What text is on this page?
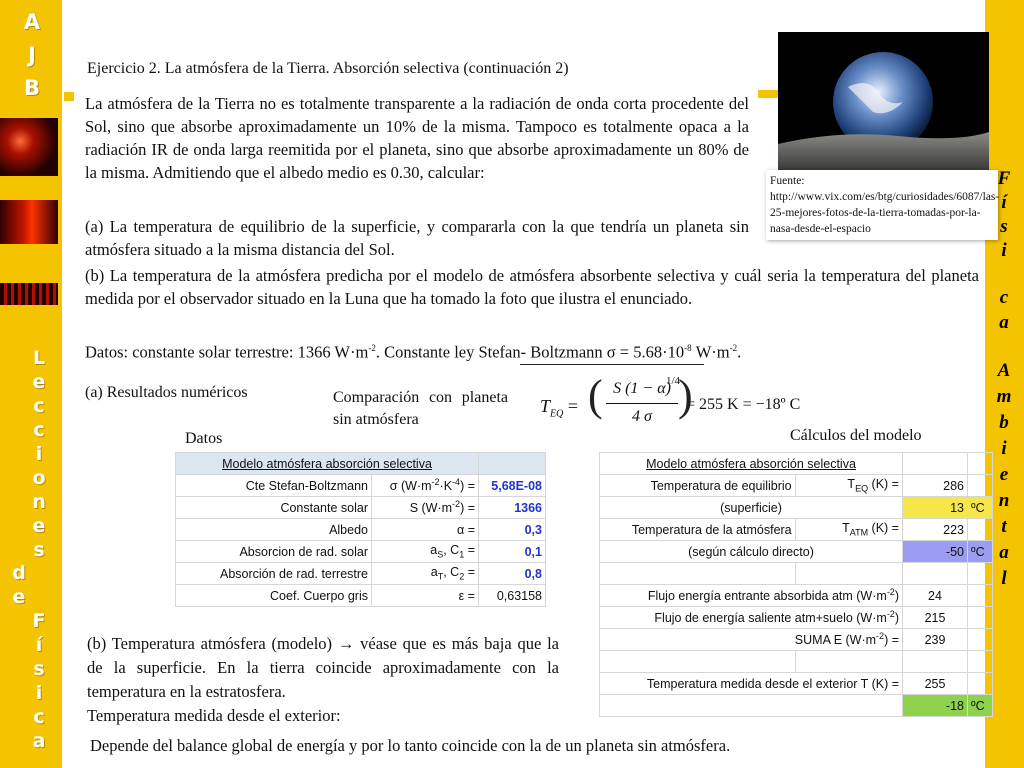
A
J
B
L
e
c
c
i
o
n
e
s
d
e
F
í
s
i
c
a
F
í
s
i
c
a
A
m
b
i
e
n
t
a
l
Ejercicio 2. La atmósfera de la Tierra. Absorción selectiva (continuación 2)
La atmósfera de la Tierra no es totalmente transparente a la radiación de onda corta procedente del Sol, sino que absorbe aproximadamente un 10% de la misma. Tampoco es totalmente opaca a la radiación IR de onda larga reemitida por el planeta, sino que absorbe aproximadamente un 80% de la misma. Admitiendo que el albedo medio es 0.30, calcular:	Fuente: http://www.vix.com/es/btg/curiosidades/6087/las-25-mejores-fotos-de-la-tierra-tomadas-por-la-nasa-desde-el-espacio
(a) La temperatura de equilibrio de la superficie, y compararla con la que tendría un planeta sin atmósfera situado a la misma distancia del Sol.
(b) La temperatura de la atmósfera predicha por el modelo de atmósfera absorbente selectiva y cuál seria la temperatura del planeta medida por el observador situado en la Luna que ha tomado la foto que ilustra el enunciado.
Datos: constante solar terrestre: 1366 $W\cdot m^{-2}$. Constante ley Stefan- Boltzmann $\sigma = 5.68\cdot 10^{-8}$ $W\cdot m^{-2}$.
(a) Resultados numéricos	Comparación con planeta sin atmósfera
$T_{EQ}$ = ( S (1 − α)
4 σ )
1/4
= 255 K = −18º C
Datos	Cálculos del modelo
Modelo atmósfera absorción selectiva		
Cte Stefan-Boltzmann	σ $(W\cdot m^{-2}\cdot K^{-4})$ =	5,68E-08
Constante solar	S $(W\cdot m^{-2})$ =	1366
Albedo	α =	0,3
Absorcion de rad. solar	$a_S$, $C_1$ =	0,1
Absorción de rad. terrestre	$a_T$, $C_2$ =	0,8
Coef. Cuerpo gris	ε =	0,63158
Modelo atmósfera absorción selectiva			
Temperatura de equilibrio	$T_{EQ}$ (K) =	286	
(superficie)		13	ºC
Temperatura de la atmósfera	$T_{ATM}$ (K) =	223	
(según cálculo directo)		-50	ºC

Flujo energía entrante absorbida atm $(W\cdot m^{-2})$		24	
Flujo de energía saliente atm+suelo $(W\cdot m^{-2})$		215	
SUMA E $(W\cdot m^{-2})$ =		239	

Temperatura medida desde el exterior T (K) =		255	
		-18	ºC
(b) Temperatura atmósfera (modelo) → véase que es más baja que la de la superficie. En la tierra coincide aproximadamente con la temperatura en la estratosfera.
Temperatura medida desde el exterior:
Depende del balance global de energía y por lo tanto coincide con la de un planeta sin atmósfera.
